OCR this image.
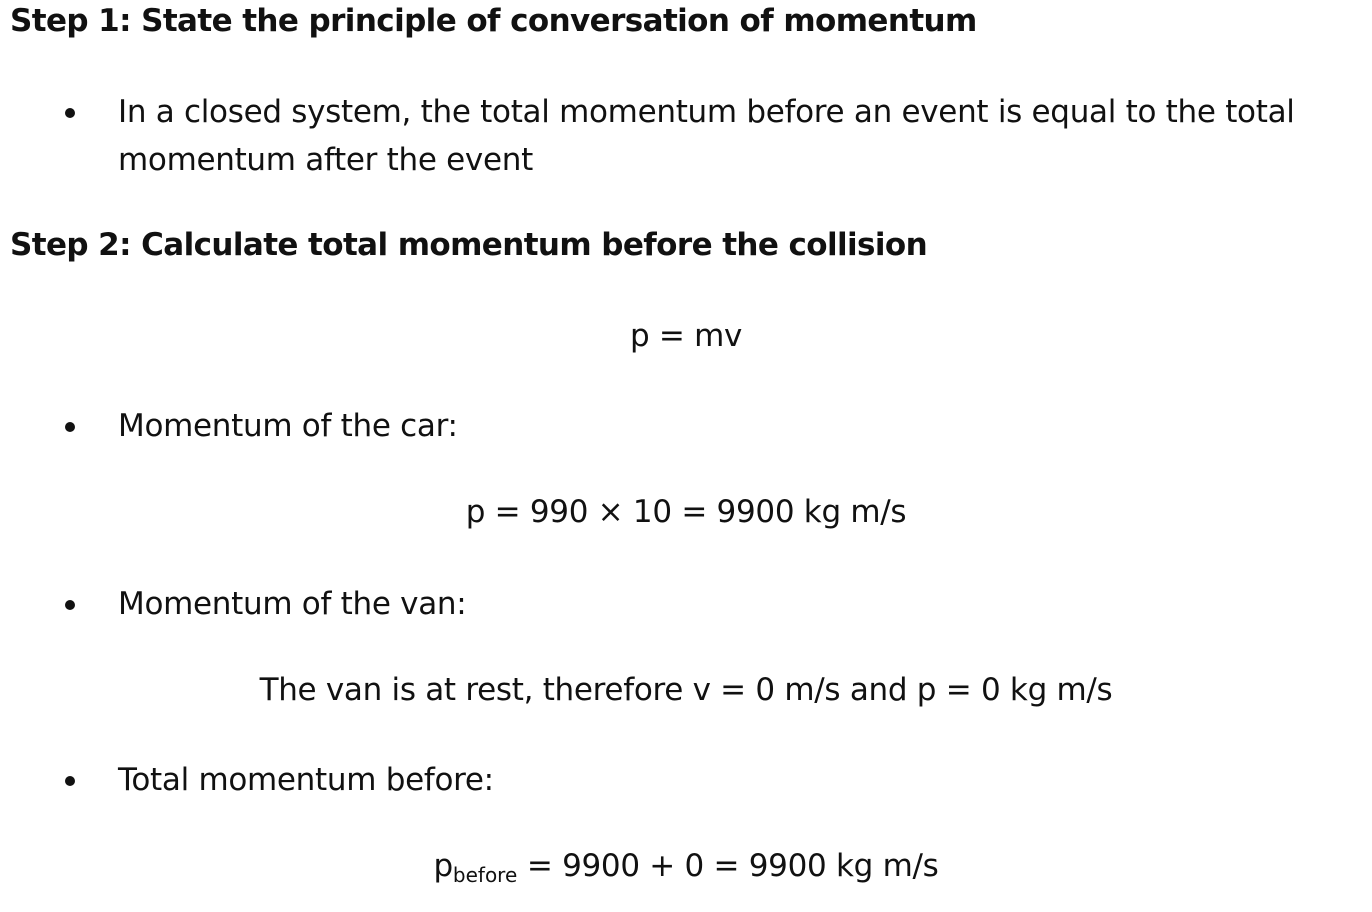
Step 1: State the principle of conversation of momentum
In a closed system, the total momentum before an event is equal to the total
momentum after the event
Step 2: Calculate total momentum before the collision
p = mv
Momentum of the car:
p = 990 × 10 = 9900 kg m/s
Momentum of the van:
The van is at rest, therefore v = 0 m/s and p = 0 kg m/s
Total momentum before:
$p_{before} = 9900 + 0 = 9900$ kg m/s
